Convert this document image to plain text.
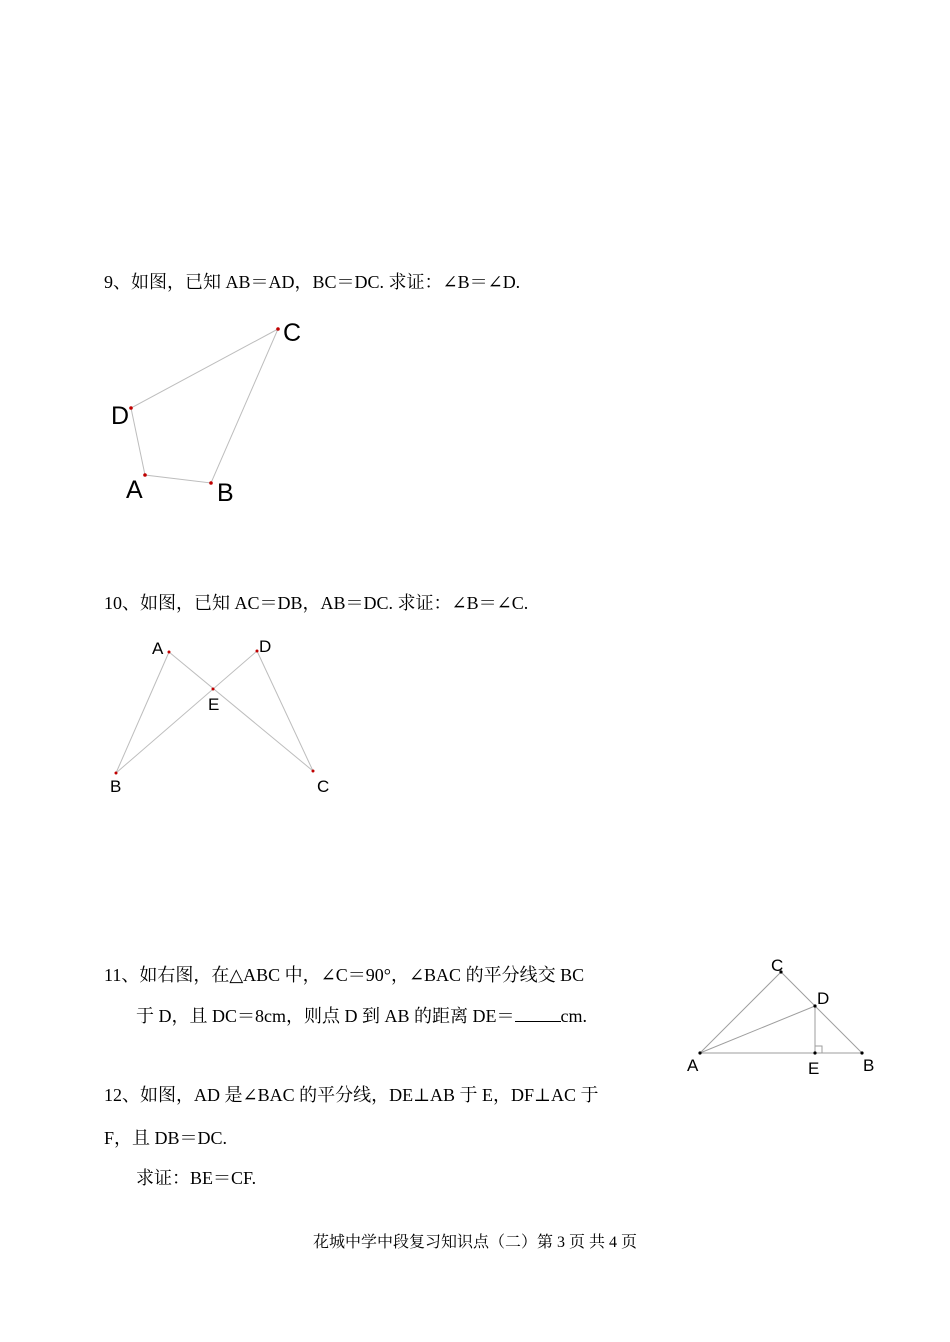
9、如图，已知 AB＝AD，BC＝DC. 求证：∠B＝∠D.
C
D
A	B
A	D
E
B	C
C
D
A	E	B
10、如图，已知 AC＝DB，AB＝DC. 求证：∠B＝∠C.
11、如右图，在△ABC 中，∠C＝90°，∠BAC 的平分线交 BC
于 D，且 DC＝8cm，则点 D 到 AB 的距离 DE＝	cm.
12、如图，AD 是∠BAC 的平分线，DE⊥AB 于 E，DF⊥AC 于
F，且 DB＝DC.
求证：BE＝CF.
花城中学中段复习知识点（二）第 3 页 共 4 页
